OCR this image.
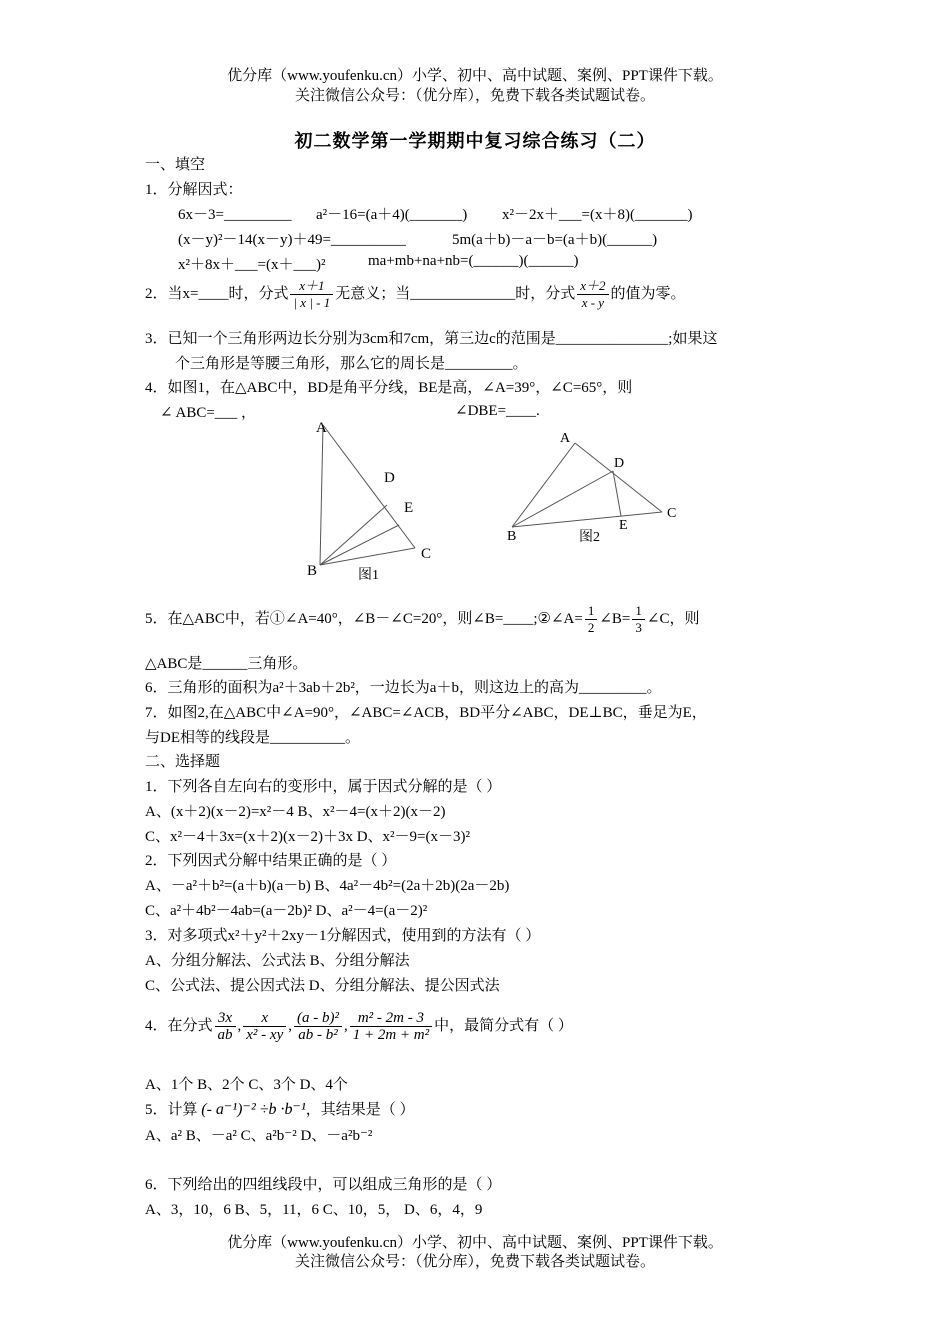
优分库（www.youfenku.cn）小学、初中、高中试题、案例、PPT课件下载。
关注微信公众号：（优分库），免费下载各类试题试卷。
初二数学第一学期期中复习综合练习（二）
一、填空
1．分解因式：
6x－3=_________ a²－16=(a＋4)(_______) x²－2x＋___=(x＋8)(_______)
(x－y)²－14(x－y)＋49=__________	5m(a＋b)－a－b=(a＋b)(______)
x²＋8x＋___=(x＋___)²	ma+mb+na+nb=(______)(______)
2．当x=____时，分式 $\frac{x+1}{| x | - 1}$ 无意义；当______________时，分式 $\frac{x+2}{x - y}$ 的值为零。
3．已知一个三角形两边长分别为3cm和7cm，第三边c的范围是_______________;如果这
个三角形是等腰三角形，那么它的周长是_________。
4．如图1，在△ABC中，BD是角平分线，BE是高，∠A=39°，∠C=65°，则
∠ ABC=___ ，	∠DBE=____.
A
B
C
D
E
图1
A
B
C
D
E
图2
5．在△ABC中，若①∠A=40°，∠B－∠C=20°，则∠B=____;②∠A= $\frac{1}{2}$ ∠B= $\frac{1}{3}$ ∠C，则
△ABC是______三角形。
6．三角形的面积为a²＋3ab＋2b²，一边长为a＋b，则这边上的高为_________。
7．如图2,在△ABC中∠A=90°，∠ABC=∠ACB，BD平分∠ABC，DE⊥BC，垂足为E，
与DE相等的线段是__________。
二、选择题
1．下列各自左向右的变形中，属于因式分解的是（ ）
A、(x＋2)(x－2)=x²－4 B、x²－4=(x＋2)(x－2)
C、x²－4＋3x=(x＋2)(x－2)＋3x D、x²－9=(x－3)²
2．下列因式分解中结果正确的是（ ）
A、－a²＋b²=(a＋b)(a－b) B、4a²－4b²=(2a＋2b)(2a－2b)
C、a²＋4b²－4ab=(a－2b)² D、a²－4=(a－2)²
3．对多项式x²＋y²＋2xy－1分解因式，使用到的方法有（ ）
A、分组分解法、公式法 B、分组分解法
C、公式法、提公因式法 D、分组分解法、提公因式法
4．在分式 $\frac{3x}{ab}$ , $\frac{x}{\text{x² - xy}}$ , $\frac{\text{(a - b)²}}{\text{ab - b²}}$ , $\frac{\text{m² - 2m - 3}}{\text{1 + 2m + m²}}$ 中，最简分式有（ ）
A、1个 B、2个 C、3个 D、4个
5．计算 (- a⁻¹)⁻² ÷b ·b⁻¹，其结果是（ ）
A、a² B、－a² C、a²b⁻² D、－a²b⁻²
6．下列给出的四组线段中，可以组成三角形的是（ ）
A、3，10，6 B、5，11，6 C、10，5， D、6，4，9
优分库（www.youfenku.cn）小学、初中、高中试题、案例、PPT课件下载。
关注微信公众号：（优分库），免费下载各类试题试卷。
